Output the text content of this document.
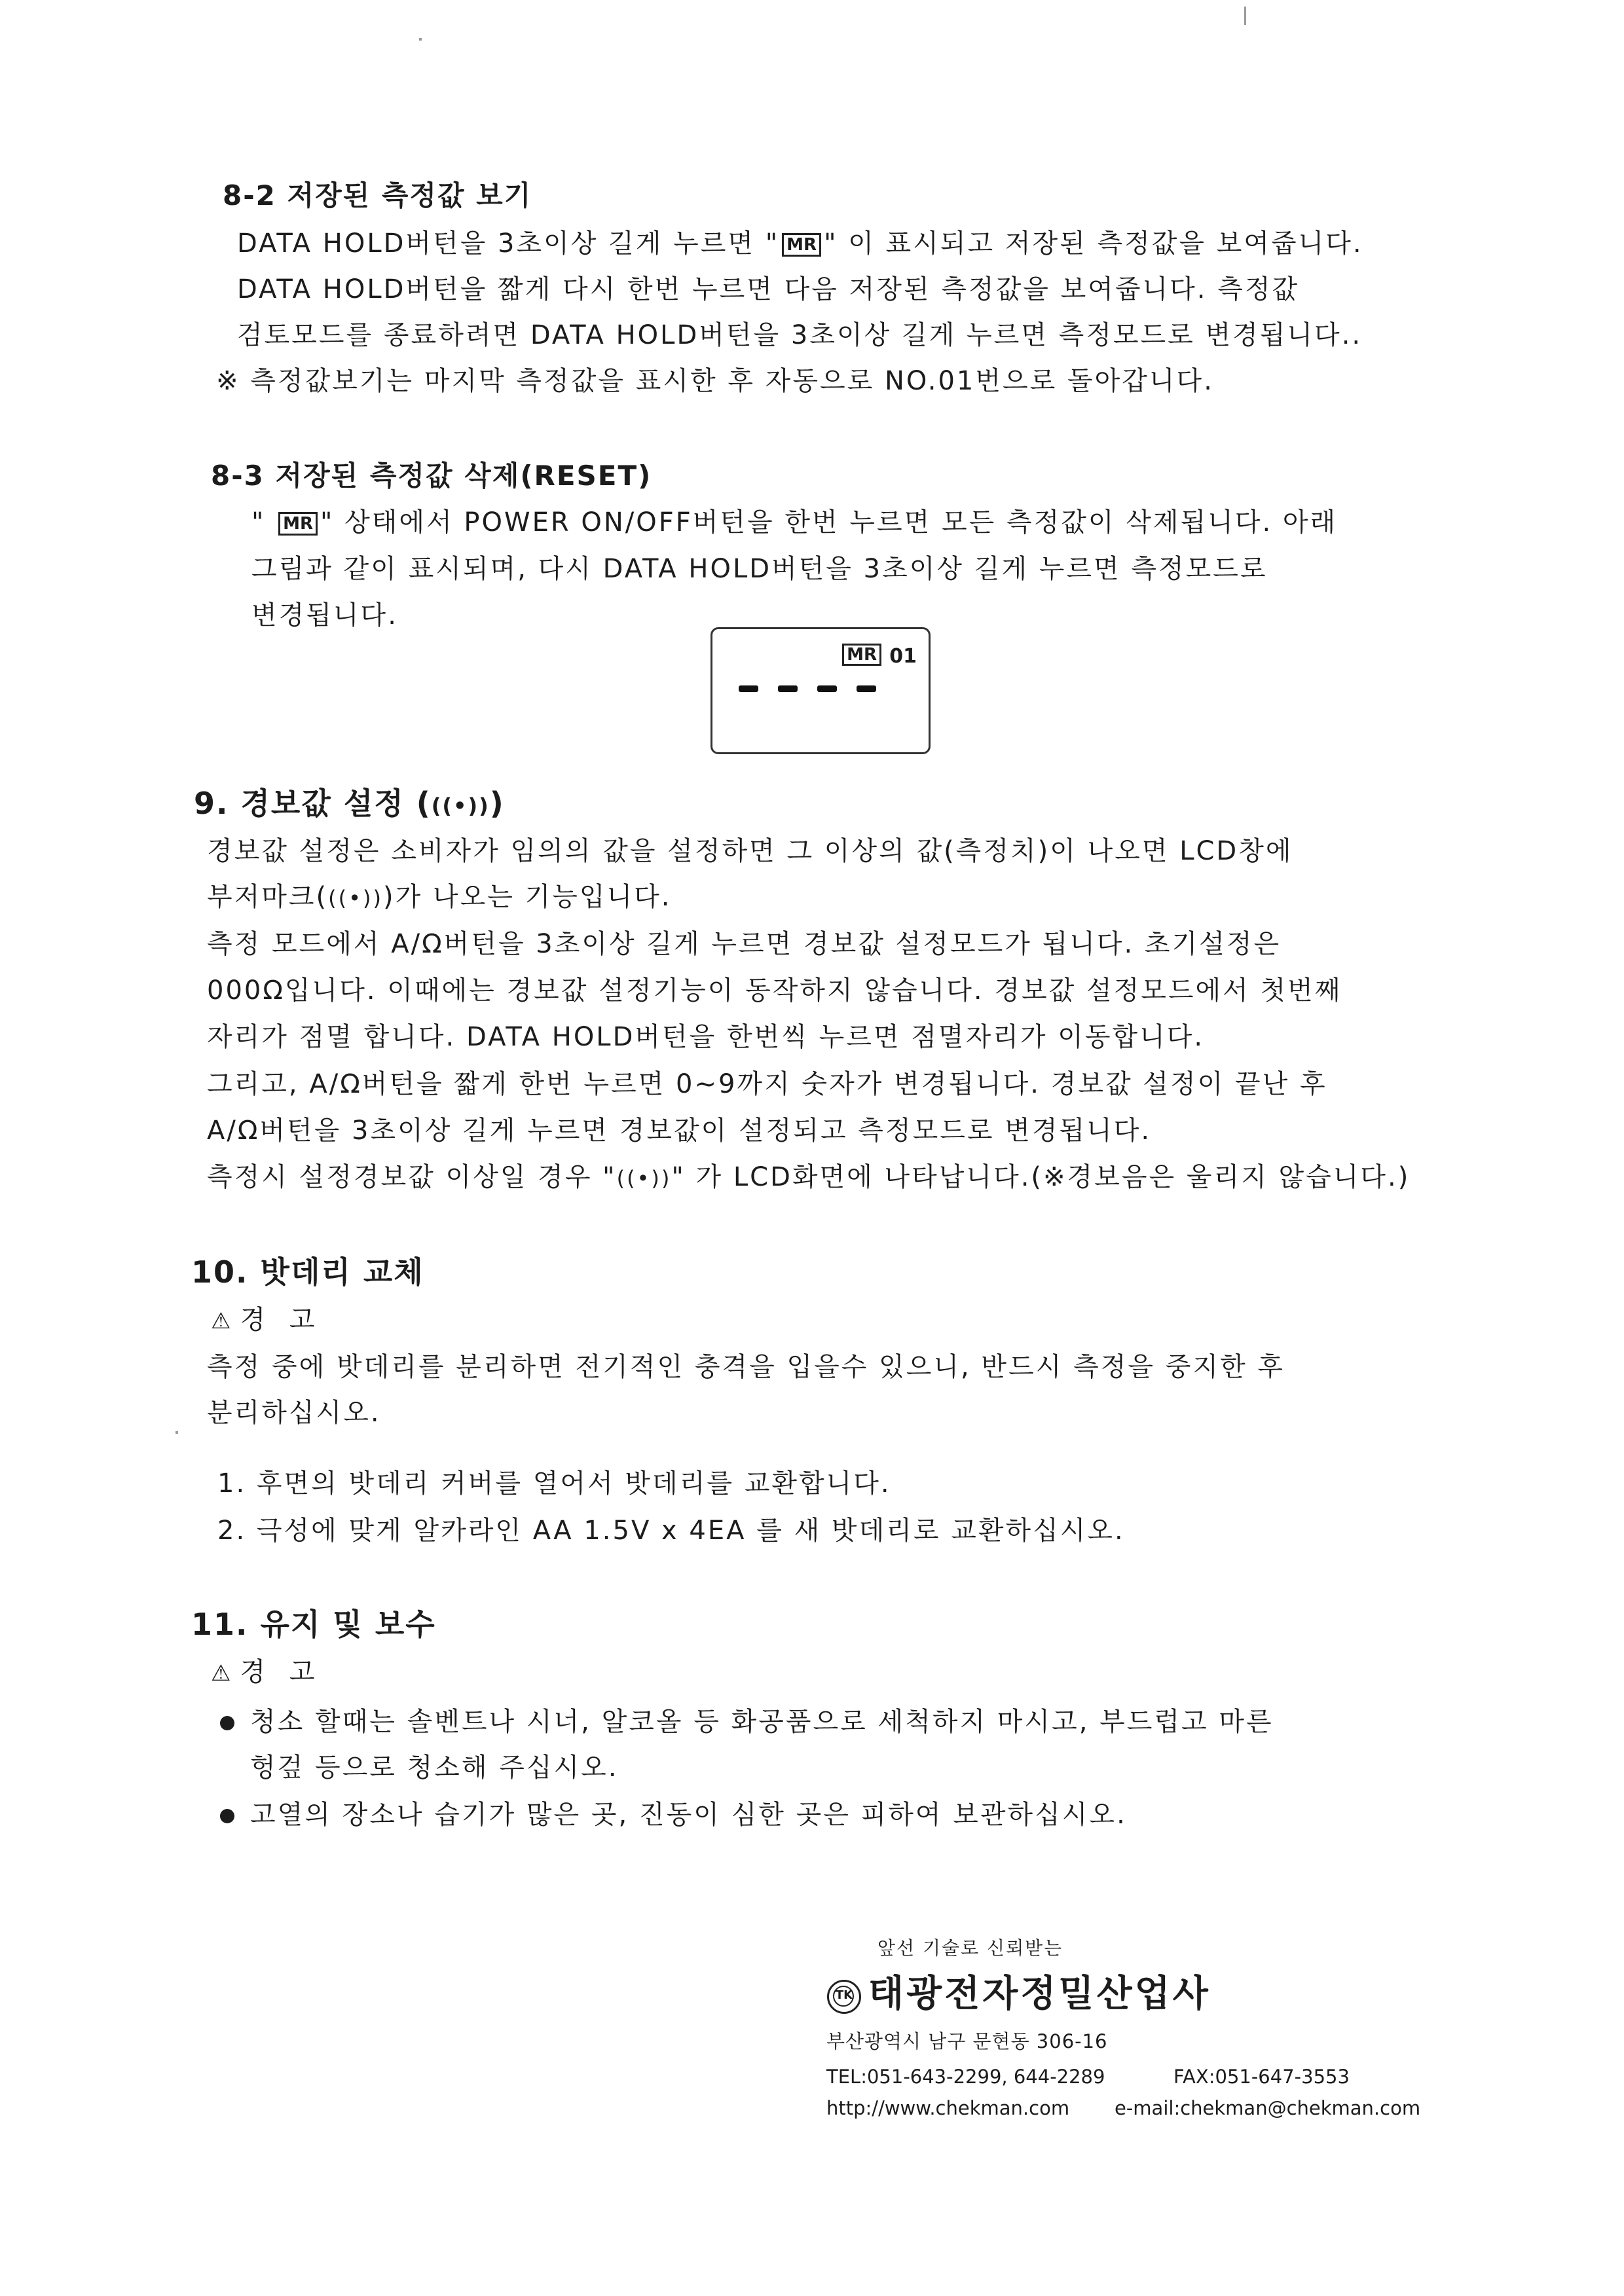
8-2 저장된 측정값 보기
DATA HOLD버턴을 3초이상 길게 누르면 " MR " 이 표시되고 저장된 측정값을 보여줍니다.
DATA HOLD버턴을 짧게 다시 한번 누르면 다음 저장된 측정값을 보여줍니다. 측정값
검토모드를 종료하려면 DATA HOLD버턴을 3초이상 길게 누르면 측정모드로 변경됩니다..
※ 측정값보기는 마지막 측정값을 표시한 후 자동으로 NO.01번으로 돌아갑니다.
8-3 저장된 측정값 삭제(RESET)
" MR " 상태에서 POWER ON/OFF버턴을 한번 누르면 모든 측정값이 삭제됩니다. 아래
그림과 같이 표시되며, 다시 DATA HOLD버턴을 3초이상 길게 누르면 측정모드로
변경됩니다.
MR 01
9. 경보값 설정 (((•)))
경보값 설정은 소비자가 임의의 값을 설정하면 그 이상의 값(측정치)이 나오면 LCD창에
부저마크(((•)))가 나오는 기능입니다.
측정 모드에서 A/Ω버턴을 3초이상 길게 누르면 경보값 설정모드가 됩니다. 초기설정은
000Ω입니다. 이때에는 경보값 설정기능이 동작하지 않습니다. 경보값 설정모드에서 첫번째
자리가 점멸 합니다. DATA HOLD버턴을 한번씩 누르면 점멸자리가 이동합니다.
그리고, A/Ω버턴을 짧게 한번 누르면 0~9까지 숫자가 변경됩니다. 경보값 설정이 끝난 후
A/Ω버턴을 3초이상 길게 누르면 경보값이 설정되고 측정모드로 변경됩니다.
측정시 설정경보값 이상일 경우 "((•))" 가 LCD화면에 나타납니다.(※경보음은 울리지 않습니다.)
10. 밧데리 교체
⚠ 경 고
측정 중에 밧데리를 분리하면 전기적인 충격을 입을수 있으니, 반드시 측정을 중지한 후
분리하십시오.
1. 후면의 밧데리 커버를 열어서 밧데리를 교환합니다.
2. 극성에 맞게 알카라인 AA 1.5V x 4EA 를 새 밧데리로 교환하십시오.
11. 유지 및 보수
⚠ 경 고
청소 할때는 솔벤트나 시너, 알코올 등 화공품으로 세척하지 마시고, 부드럽고 마른
헝겊 등으로 청소해 주십시오.
고열의 장소나 습기가 많은 곳, 진동이 심한 곳은 피하여 보관하십시오.
앞선 기술로 신뢰받는
TK 태광전자정밀산업사
부산광역시 남구 문현동 306-16
TEL:051-643-2299, 644-2289	FAX:051-647-3553
http://www.chekman.com e-mail:chekman@chekman.com
